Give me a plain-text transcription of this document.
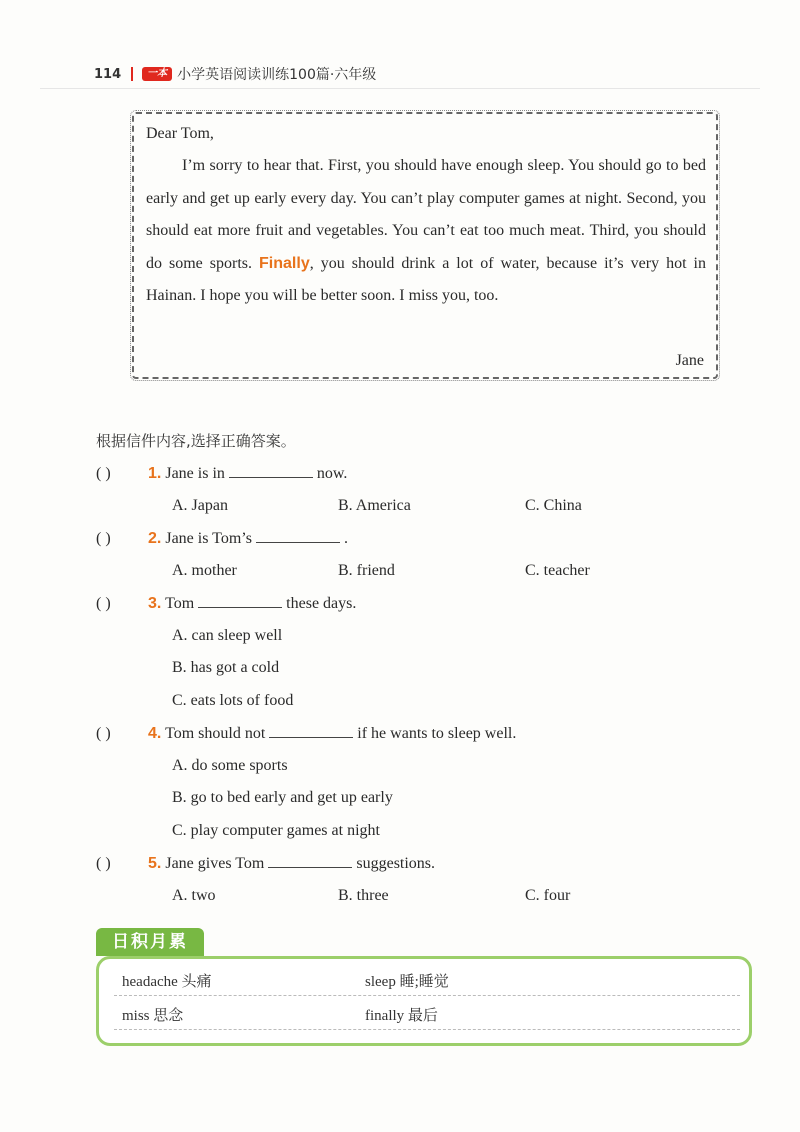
114	一本 小学英语阅读训练100篇·六年级
Dear Tom,
I’m sorry to hear that. First, you should have enough sleep. You should go to bed early and get up early every day. You can’t play computer games at night. Second, you should eat more fruit and vegetables. You can’t eat too much meat. Third, you should do some sports. Finally, you should drink a lot of water, because it’s very hot in Hainan. I hope you will be better soon. I miss you, too.
Jane
根据信件内容,选择正确答案。
( ) 1. Jane is in	now.
A. Japan	B. America	C. China
( ) 2. Jane is Tom’s	.
A. mother	B. friend	C. teacher
( ) 3. Tom	these days.
A. can sleep well
B. has got a cold
C. eats lots of food
( ) 4. Tom should not	if he wants to sleep well.
A. do some sports
B. go to bed early and get up early
C. play computer games at night
( ) 5. Jane gives Tom	suggestions.
A. two	B. three	C. four
日积月累
headache 头痛	sleep 睡;睡觉
miss 思念	finally 最后
